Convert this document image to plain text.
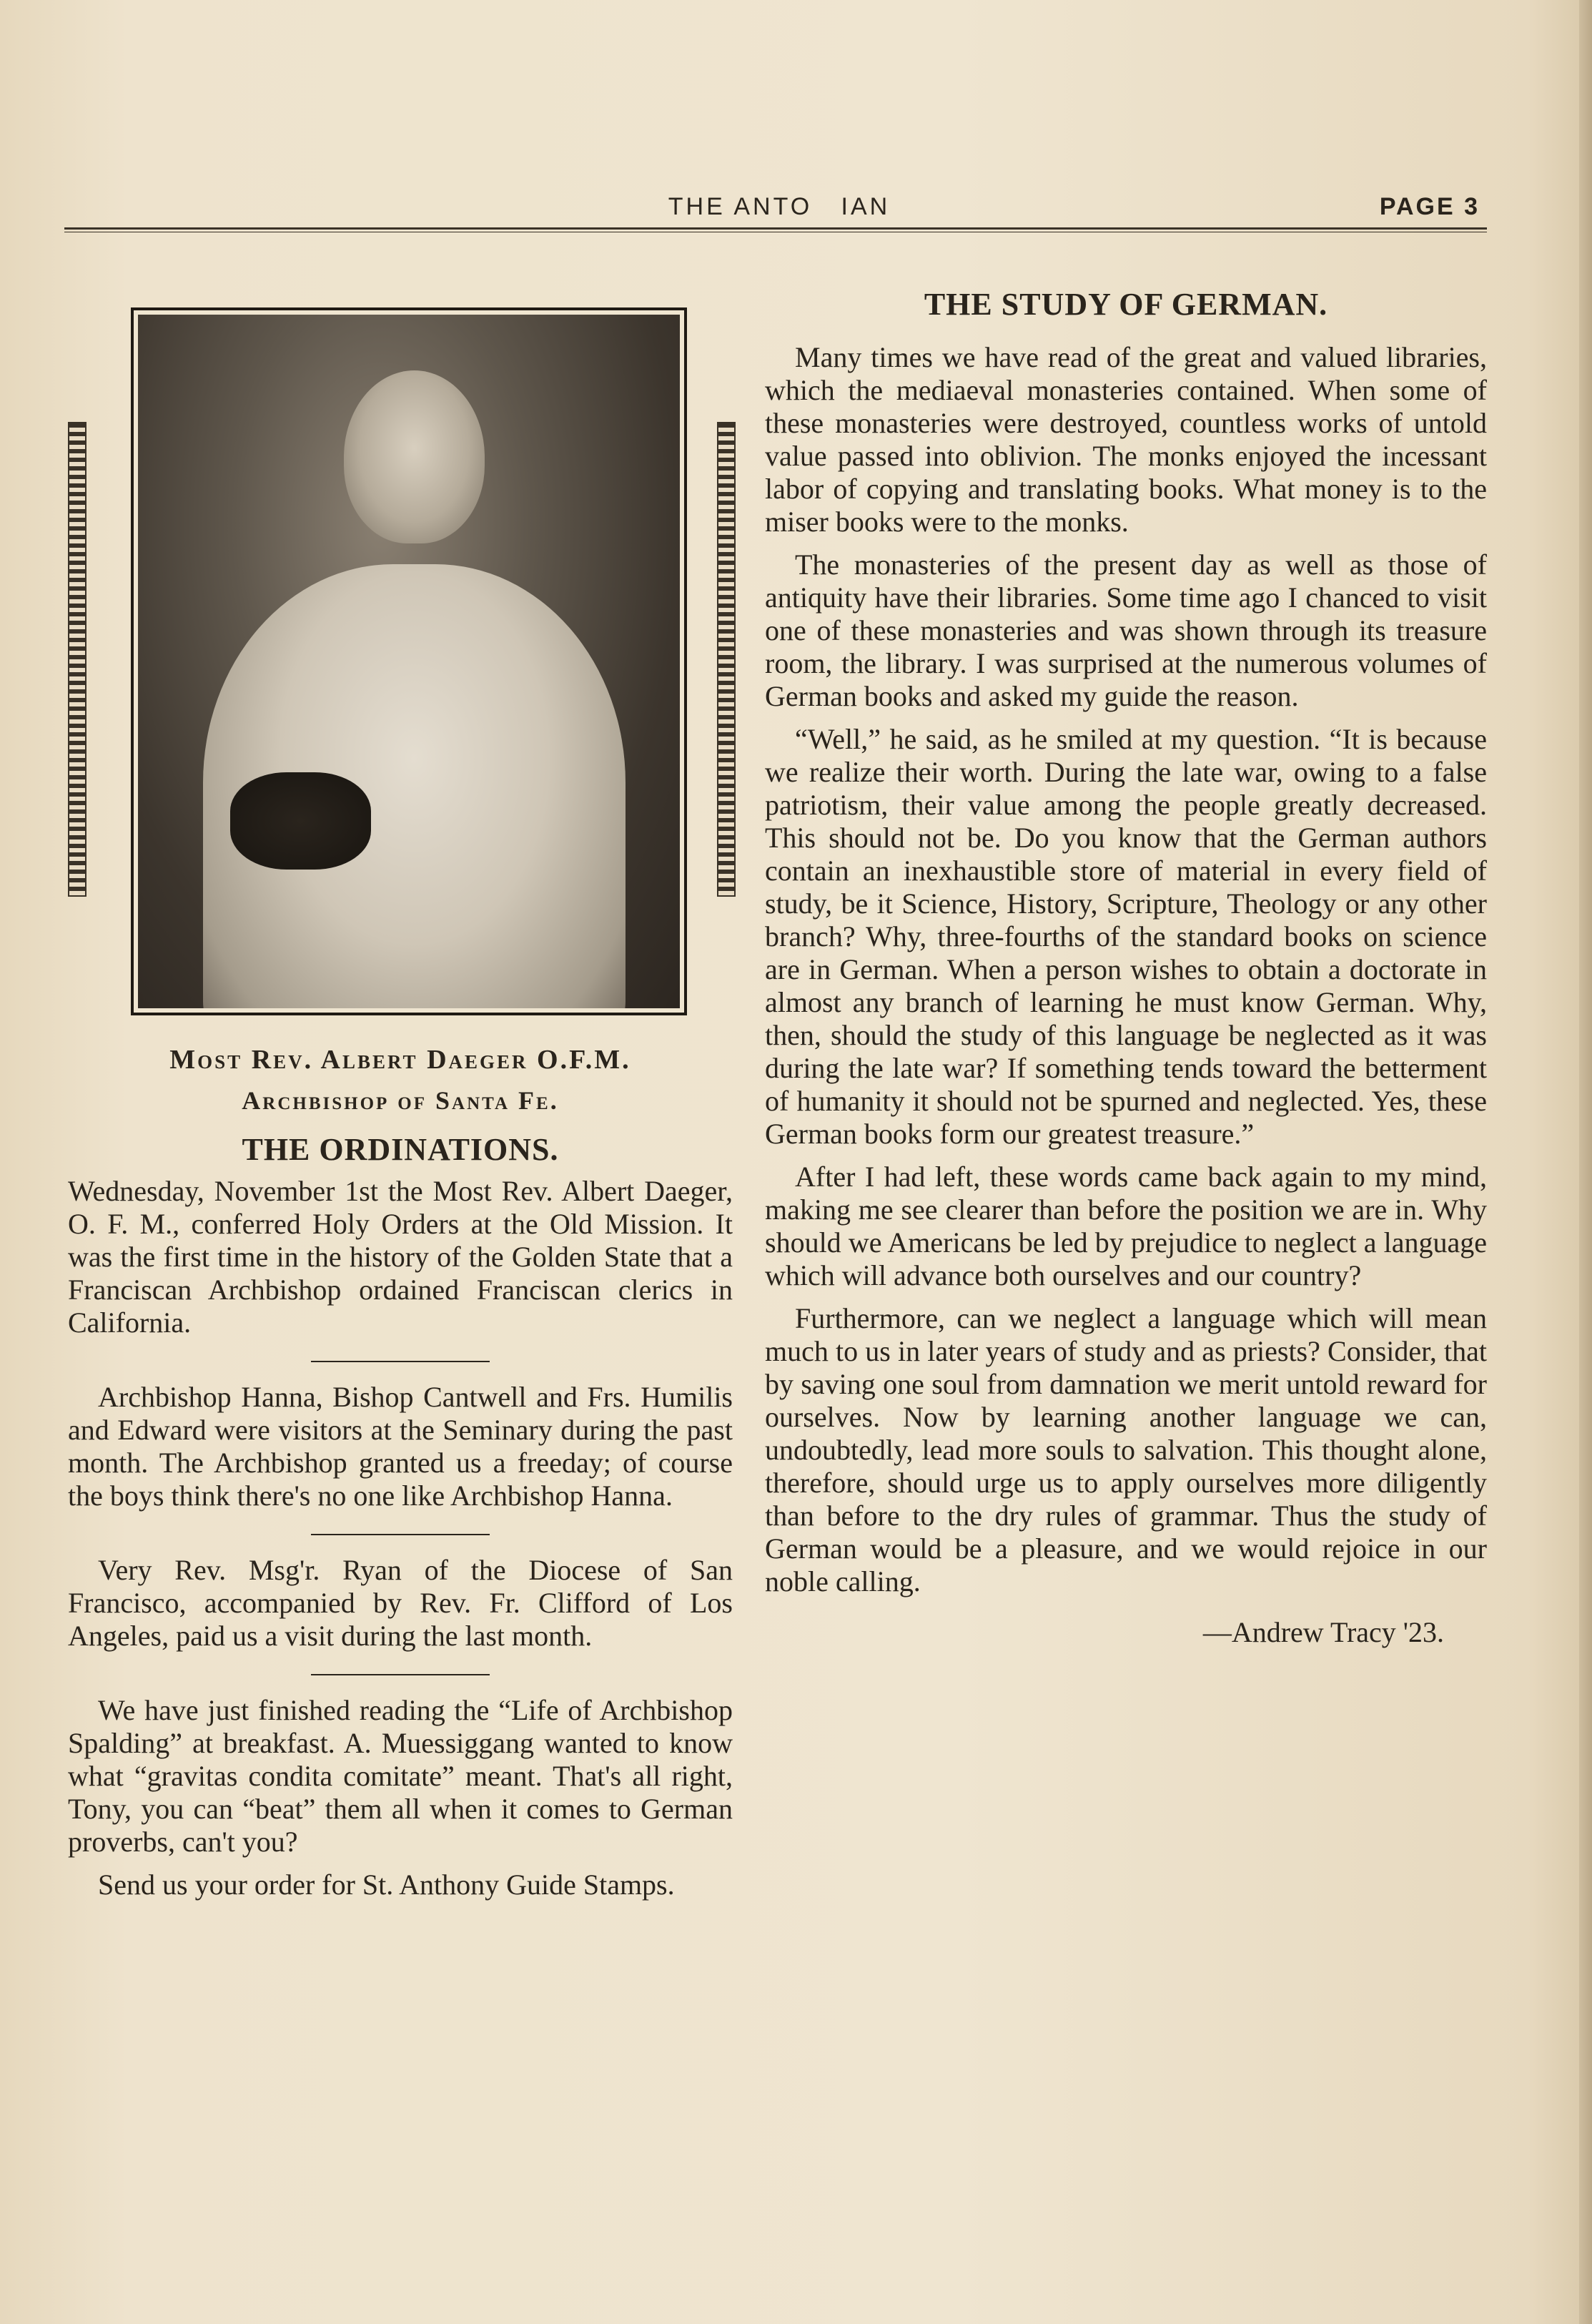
THE ANTO   IAN	PAGE 3
Most Rev. Albert Daeger O.F.M.
Archbishop of Santa Fe.
THE ORDINATIONS.

Wednesday, November 1st the Most Rev. Albert Daeger, O. F. M., conferred Holy Orders at the Old Mission. It was the first time in the history of the Golden State that a Franciscan Archbishop ordained Franciscan clerics in California.

Archbishop Hanna, Bishop Cantwell and Frs. Humilis and Edward were visitors at the Seminary during the past month. The Archbishop granted us a freeday; of course the boys think there's no one like Archbishop Hanna.

Very Rev. Msg'r. Ryan of the Diocese of San Francisco, accompanied by Rev. Fr. Clifford of Los Angeles, paid us a visit during the last month.

We have just finished reading the “Life of Archbishop Spalding” at breakfast. A. Muessiggang wanted to know what “gravitas condita comitate” meant. That's all right, Tony, you can “beat” them all when it comes to German proverbs, can't you?

Send us your order for St. Anthony Guide Stamps.

THE STUDY OF GERMAN.

Many times we have read of the great and valued libraries, which the mediaeval monasteries contained. When some of these monasteries were destroyed, countless works of untold value passed into oblivion. The monks enjoyed the incessant labor of copying and translating books. What money is to the miser books were to the monks.

The monasteries of the present day as well as those of antiquity have their libraries. Some time ago I chanced to visit one of these monasteries and was shown through its treasure room, the library. I was surprised at the numerous volumes of German books and asked my guide the reason.

“Well,” he said, as he smiled at my question. “It is because we realize their worth. During the late war, owing to a false patriotism, their value among the people greatly decreased. This should not be. Do you know that the German authors contain an inexhaustible store of material in every field of study, be it Science, History, Scripture, Theology or any other branch? Why, three-fourths of the standard books on science are in German. When a person wishes to obtain a doctorate in almost any branch of learning he must know German. Why, then, should the study of this language be neglected as it was during the late war? If something tends toward the betterment of humanity it should not be spurned and neglected. Yes, these German books form our greatest treasure.”

After I had left, these words came back again to my mind, making me see clearer than before the position we are in. Why should we Americans be led by prejudice to neglect a language which will advance both ourselves and our country?

Furthermore, can we neglect a language which will mean much to us in later years of study and as priests? Consider, that by saving one soul from damnation we merit untold reward for ourselves. Now by learning another language we can, undoubtedly, lead more souls to salvation. This thought alone, therefore, should urge us to apply ourselves more diligently than before to the dry rules of grammar. Thus the study of German would be a pleasure, and we would rejoice in our noble calling.

—Andrew Tracy '23.
